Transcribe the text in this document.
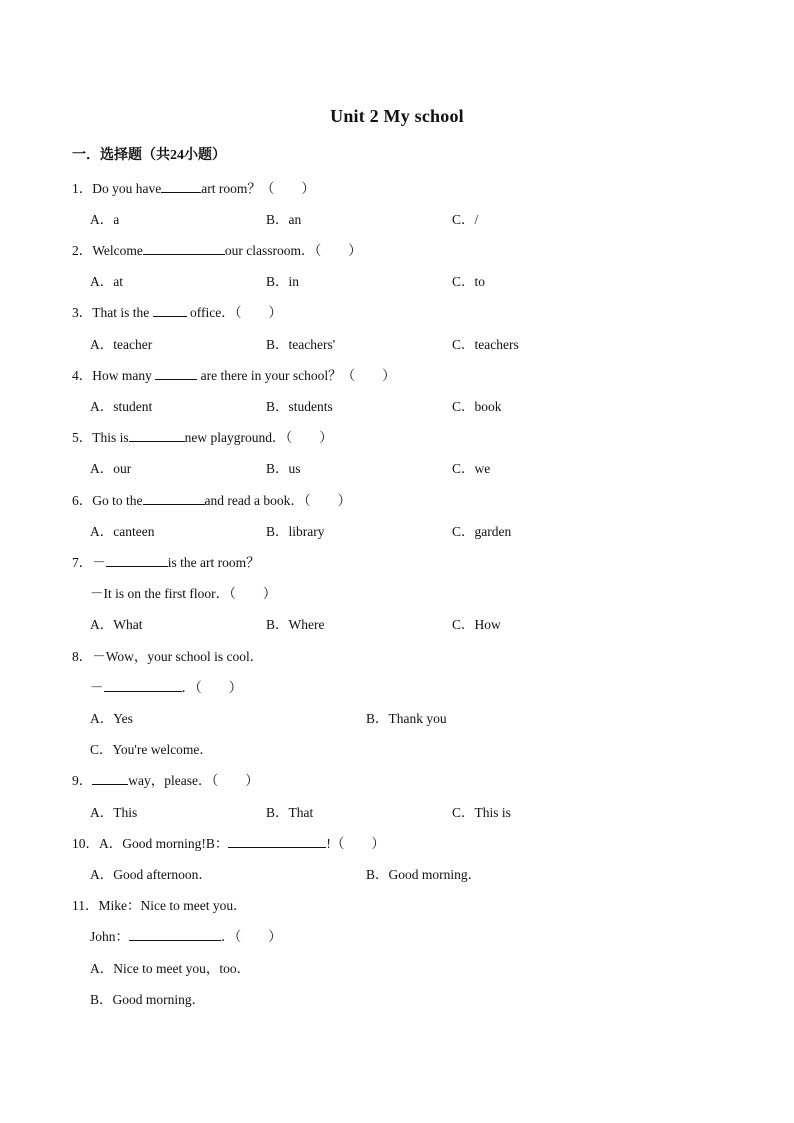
Unit 2 My school
一．选择题（共24小题）
1．Do you have	art room？（　　）
A．a	B．an	C．/
2．Welcome	our classroom．（　　）
A．at	B．in	C．to
3．That is the	office．（　　）
A．teacher	B．teachers'	C．teachers
4．How many	are there in your school？（　　）
A．student	B．students	C．book
5．This is	new playground．（　　）
A．our	B．us	C．we
6．Go to the	and read a book．（　　）
A．canteen	B．library	C．garden
7．－	is the art room？
－It is on the first floor．（　　）
A．What	B．Where	C．How
8．－Wow，your school is cool．
－	．（　　）
A．Yes	B．Thank you
C．You're welcome．
9．	way，please．（　　）
A．This	B．That	C．This is
10．A．Good morning!B：	!（　　）
A．Good afternoon．	B．Good morning．
11．Mike：Nice to meet you．
John：	．（　　）
A．Nice to meet you，too．
B．Good morning．
